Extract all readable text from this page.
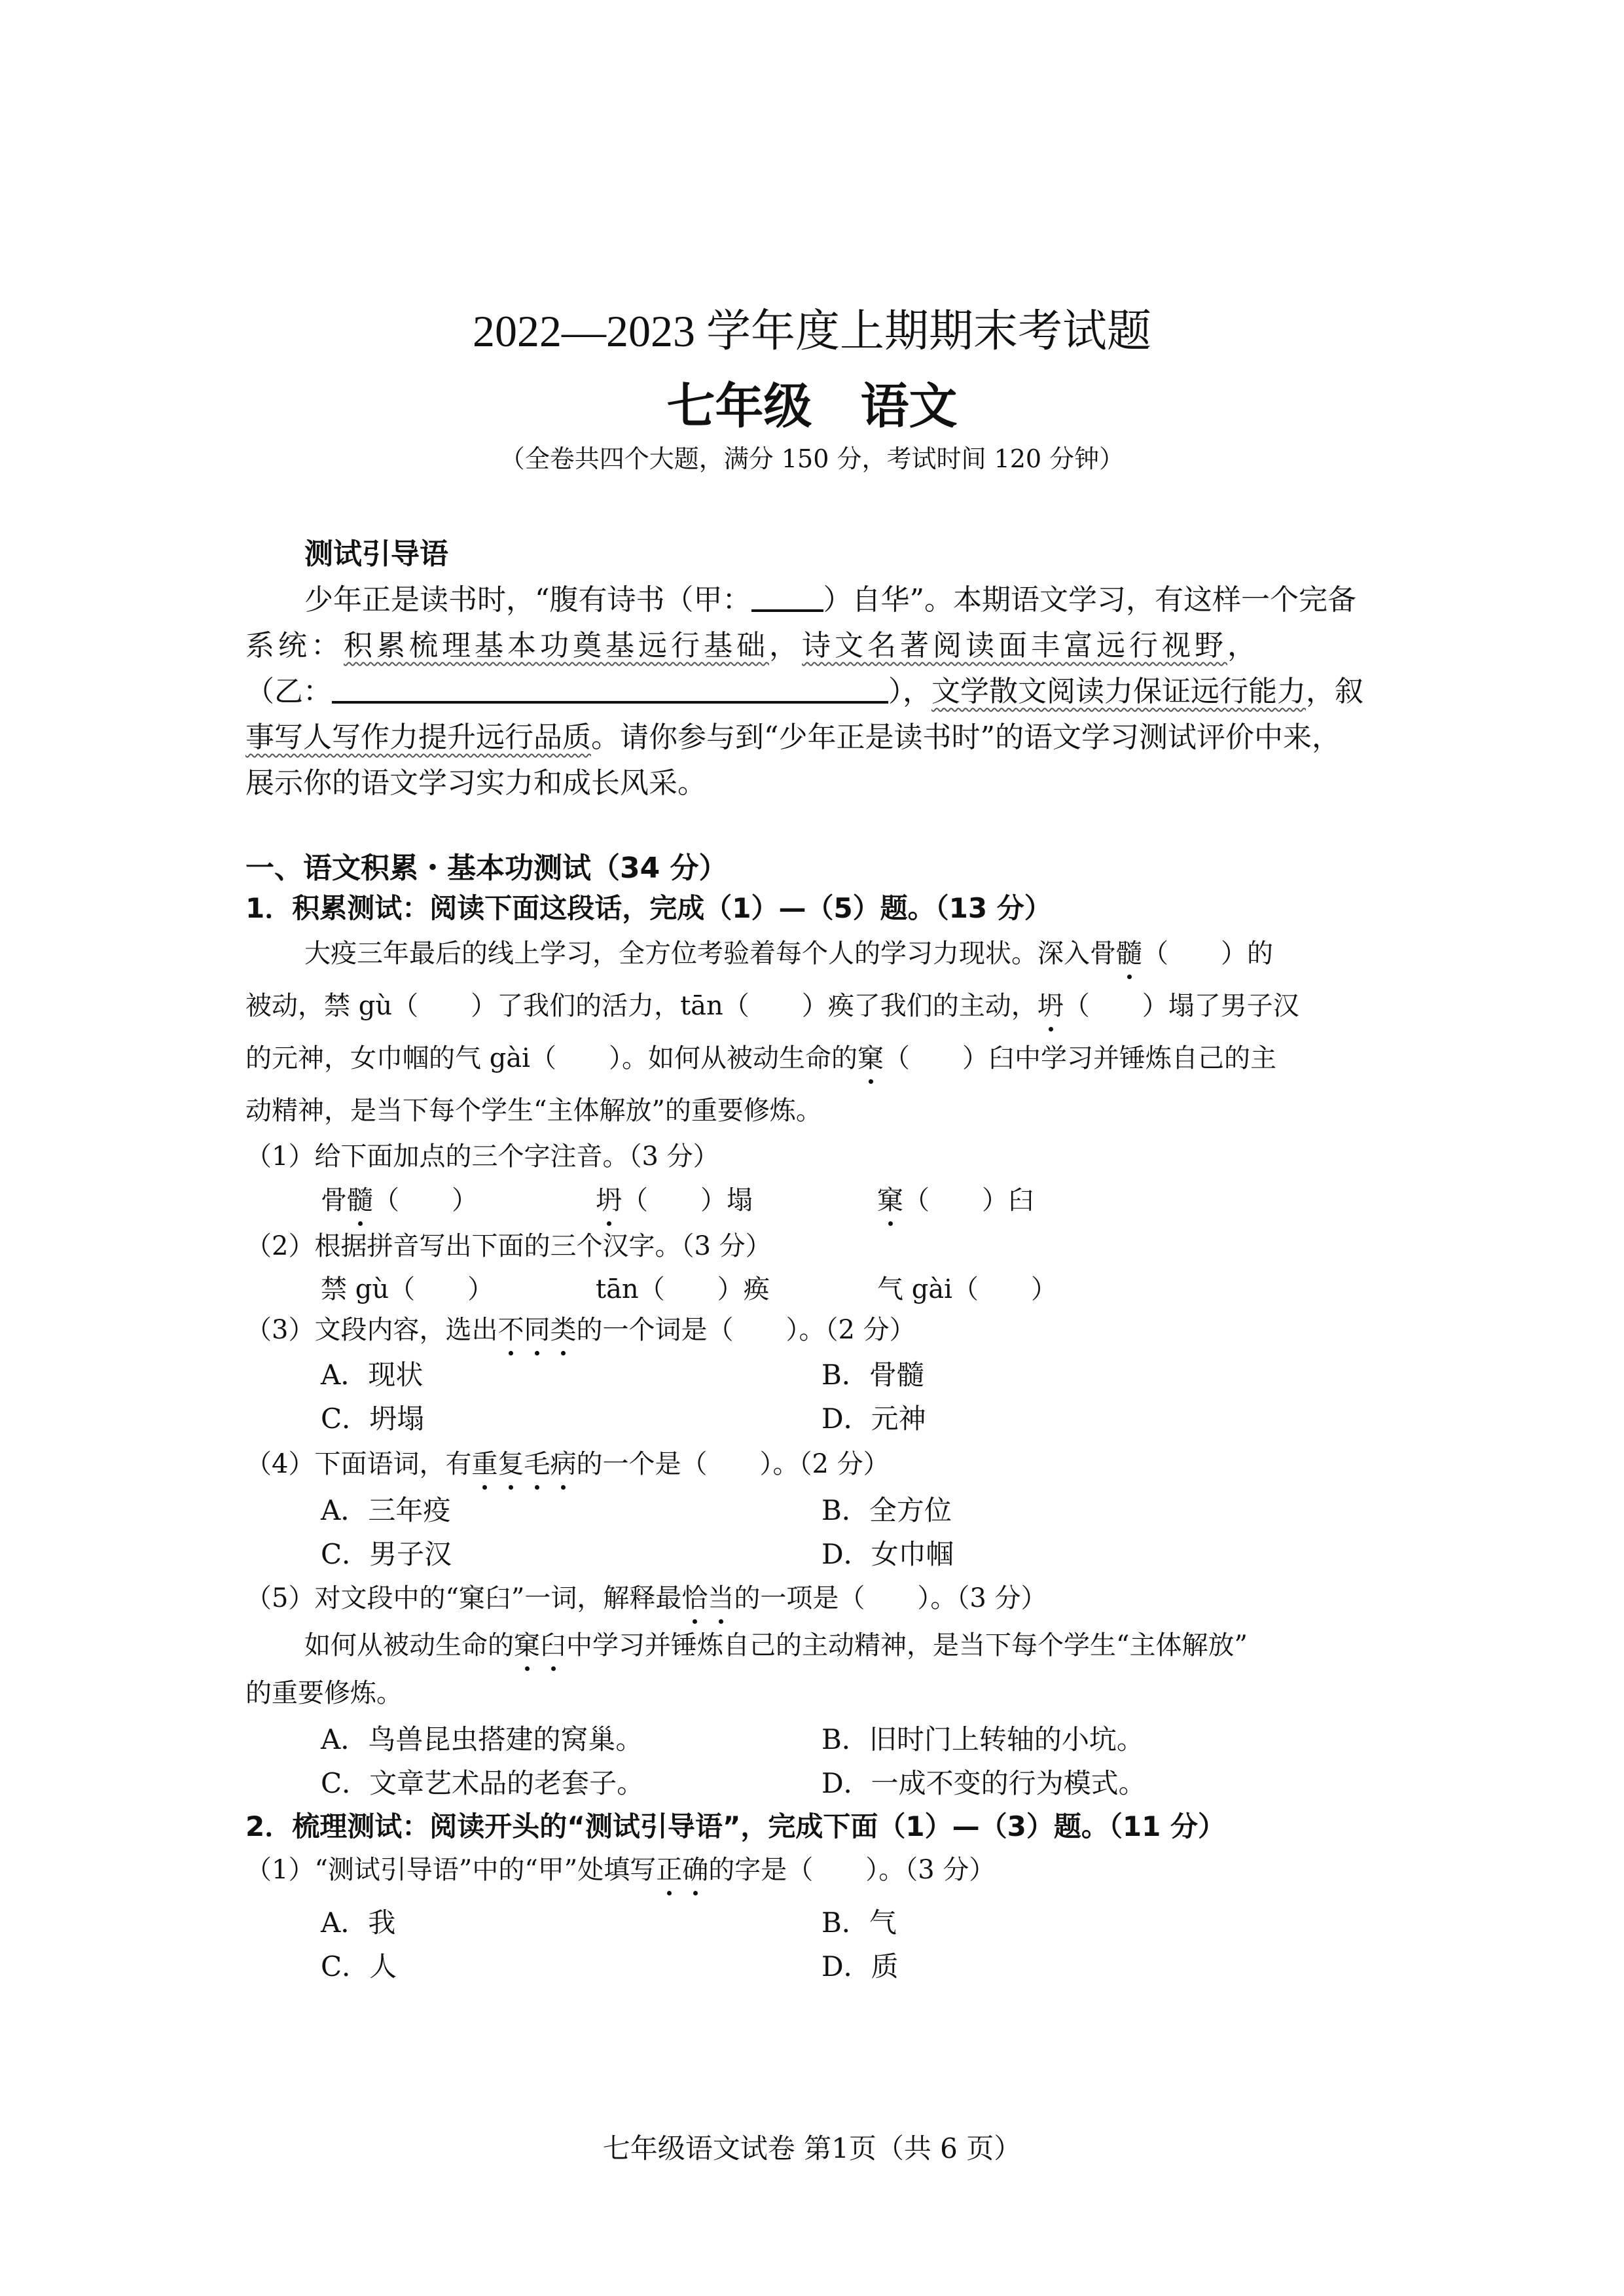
2022—2023 学年度上期期末考试题
七年级　语文
（全卷共四个大题，满分 150 分，考试时间 120 分钟）
测试引导语
少年正是读书时，“腹有诗书（甲：	）自华”。本期语文学习，有这样一个完备
系统：积累梳理基本功奠基远行基础，诗文名著阅读面丰富远行视野，
（乙：	），文学散文阅读力保证远行能力，叙
事写人写作力提升远行品质。请你参与到“少年正是读书时”的语文学习测试评价中来，
展示你的语文学习实力和成长风采。
一、语文积累・基本功测试（34 分）
1．积累测试：阅读下面这段话，完成（1）—（5）题。（13 分）
大疫三年最后的线上学习，全方位考验着每个人的学习力现状。深入骨髓（　　）的
被动，禁 gù（　　）了我们的活力，tān（　　）痪了我们的主动，坍（　　）塌了男子汉
的元神，女巾帼的气 gài（　　）。如何从被动生命的窠（　　）臼中学习并锤炼自己的主
动精神，是当下每个学生“主体解放”的重要修炼。
（1）给下面加点的三个字注音。（3 分）
骨髓（　　）	坍（　　）塌	窠（　　）臼
（2）根据拼音写出下面的三个汉字。（3 分）
禁 gù（　　）	tān（　　）痪	气 gài（　　）
（3）文段内容，选出不同类的一个词是（　　）。（2 分）
A．现状	B．骨髓
C．坍塌	D．元神
（4）下面语词，有重复毛病的一个是（　　）。（2 分）
A．三年疫	B．全方位
C．男子汉	D．女巾帼
（5）对文段中的“窠臼”一词，解释最恰当的一项是（　　）。（3 分）
如何从被动生命的窠臼中学习并锤炼自己的主动精神，是当下每个学生“主体解放”
的重要修炼。
A．鸟兽昆虫搭建的窝巢。	B．旧时门上转轴的小坑。
C．文章艺术品的老套子。	D．一成不变的行为模式。
2．梳理测试：阅读开头的“测试引导语”，完成下面（1）—（3）题。（11 分）
（1）“测试引导语”中的“甲”处填写正确的字是（　　）。（3 分）
A．我	B．气
C．人	D．质
七年级语文试卷 第1页（共 6 页）
